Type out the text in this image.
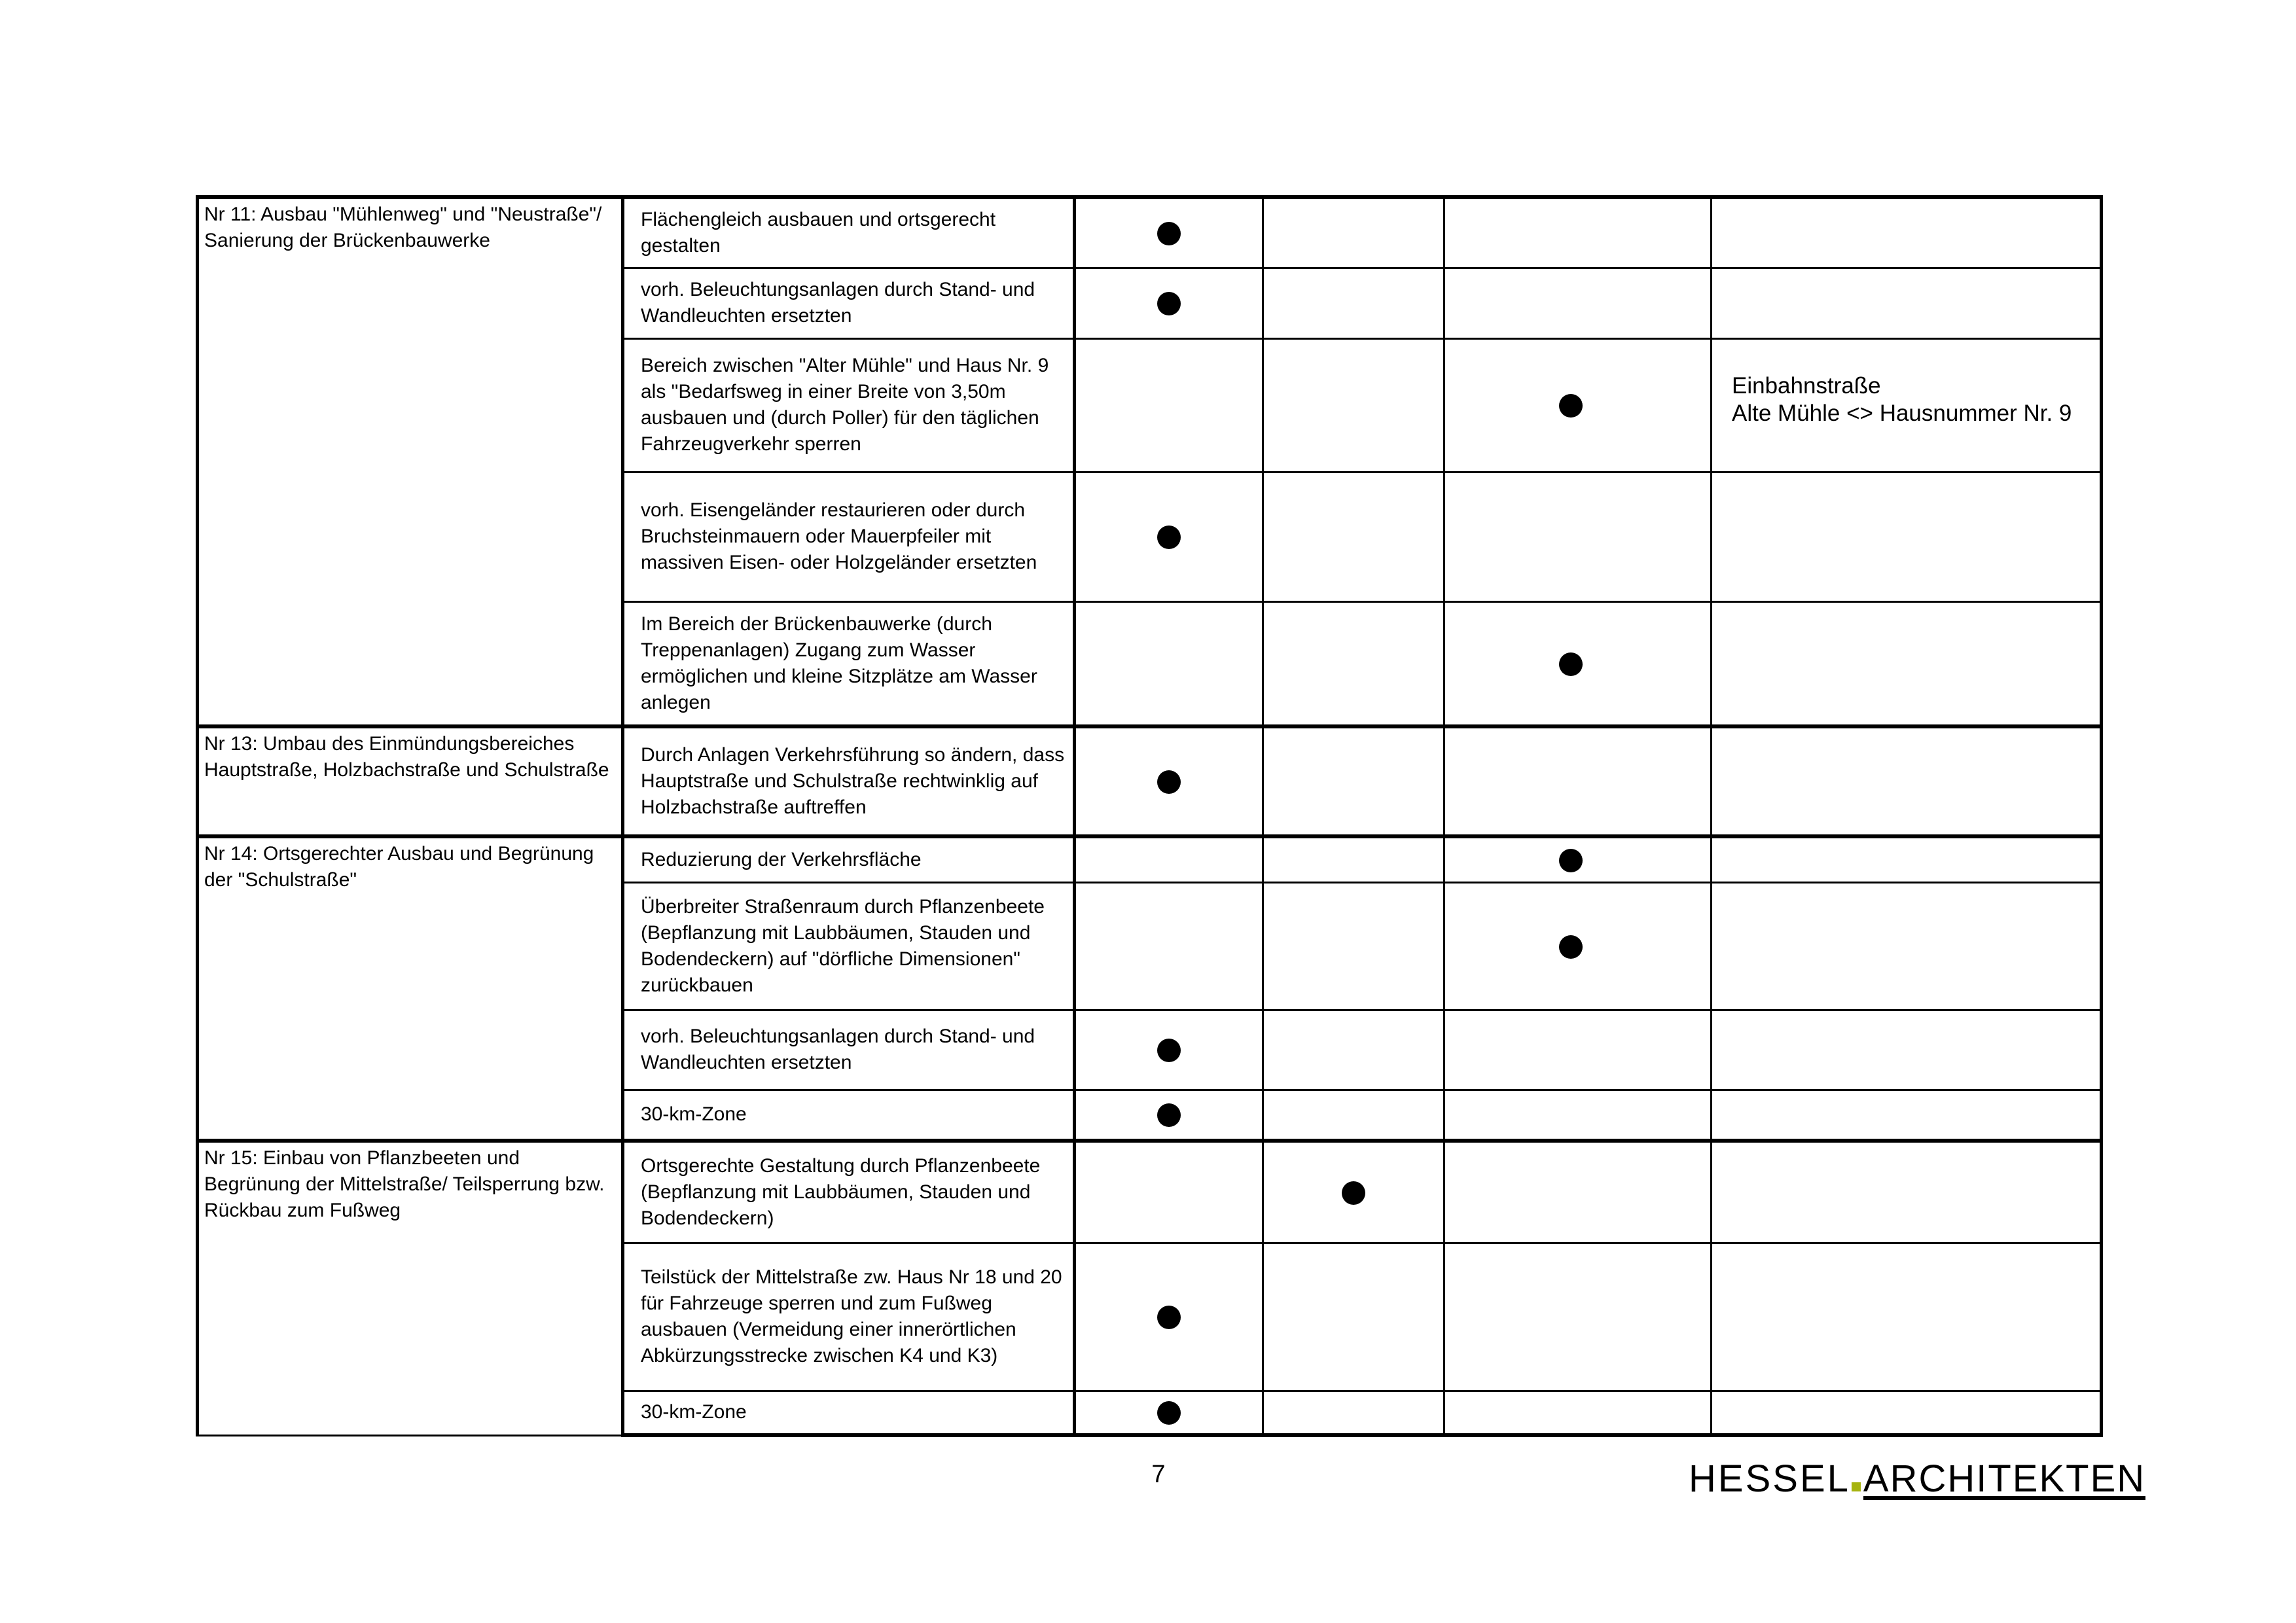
Nr 11: Ausbau "Mühlenweg" und "Neustraße"/ Sanierung der Brückenbauwerke	Flächengleich ausbauen und ortsgerecht gestalten				
	vorh. Beleuchtungsanlagen durch Stand- und Wandleuchten ersetzten				
	Bereich zwischen "Alter Mühle" und Haus Nr. 9 als "Bedarfsweg in einer Breite von 3,50m ausbauen und (durch Poller) für den täglichen Fahrzeugverkehr sperren				Einbahnstraße
Alte Mühle <> Hausnummer Nr. 9

	vorh. Eisengeländer restaurieren oder durch Bruchsteinmauern oder Mauerpfeiler mit massiven Eisen- oder Holzgeländer ersetzten				
	Im Bereich der Brückenbauwerke (durch Treppenanlagen) Zugang zum Wasser ermöglichen und kleine Sitzplätze am Wasser anlegen				
Nr 13: Umbau des Einmündungsbereiches Hauptstraße, Holzbachstraße und Schulstraße	Durch Anlagen Verkehrsführung so ändern, dass Hauptstraße und Schulstraße rechtwinklig auf Holzbachstraße auftreffen				
Nr 14: Ortsgerechter Ausbau und Begrünung der "Schulstraße"	Reduzierung der Verkehrsfläche				
	Überbreiter Straßenraum durch Pflanzenbeete (Bepflanzung mit Laubbäumen, Stauden und Bodendeckern) auf "dörfliche Dimensionen" zurückbauen				
	vorh. Beleuchtungsanlagen durch Stand- und Wandleuchten ersetzten				
	30-km-Zone				
Nr 15: Einbau von Pflanzbeeten und Begrünung der Mittelstraße/ Teilsperrung bzw. Rückbau zum Fußweg	Ortsgerechte Gestaltung durch Pflanzenbeete (Bepflanzung mit Laubbäumen, Stauden und Bodendeckern)				
	Teilstück der Mittelstraße zw. Haus Nr 18 und 20 für Fahrzeuge sperren und zum Fußweg ausbauen (Vermeidung einer innerörtlichen Abkürzungsstrecke zwischen K4 und K3)				
	30-km-Zone				
7	HESSEL ARCHITEKTEN
